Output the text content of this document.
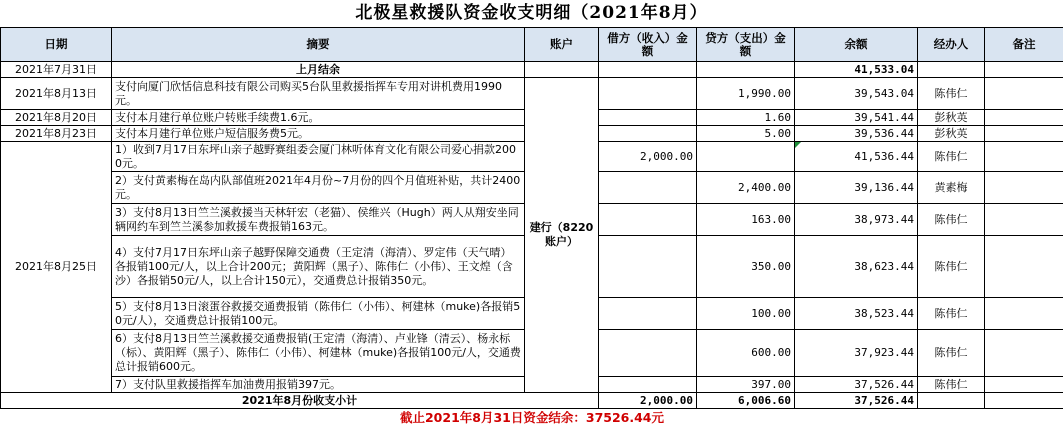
北极星救援队资金收支明细（2021年8月）
日期	摘要	账户	借方（收入）金额	贷方（支出）金额	余额	经办人	备注
2021年7月31日	上月结余				41,533.04		
2021年8月13日	支付向厦门欣恬信息科技有限公司购买5台队里救援指挥车专用对讲机费用1990元。	建行（8220账户）		1,990.00	39,543.04	陈伟仁	
2021年8月20日	支付本月建行单位账户转账手续费1.6元。			1.60	39,541.44	彭秋英	
2021年8月23日	支付本月建行单位账户短信服务费5元。			5.00	39,536.44	彭秋英	
2021年8月25日	1）收到7月17日东坪山亲子越野赛组委会厦门林听体育文化有限公司爱心捐款2000元。		2,000.00		41,536.44	陈伟仁	
	2）支付黄素梅在岛内队部值班2021年4月份~7月份的四个月值班补贴，共计2400元。			2,400.00	39,136.44	黄素梅	
	3）支付8月13日竺兰溪救援当天林轩宏（老猫）、侯维兴（Hugh）两人从翔安坐同辆网约车到竺兰溪参加救援车费报销163元。			163.00	38,973.44	陈伟仁	
	4）支付7月17日东坪山亲子越野保障交通费（王定清（海清）、罗定伟（天气晴）各报销100元/人，以上合计200元；黄阳辉（黑子）、陈伟仁（小伟）、王文煌（含沙）各报销50元/人，以上合计150元），交通费总计报销350元。			350.00	38,623.44	陈伟仁	
	5）支付8月13日滚蛋谷救援交通费报销（陈伟仁（小伟）、柯建林（muke)各报销50元/人），交通费总计报销100元。			100.00	38,523.44	陈伟仁	
	6）支付8月13日竺兰溪救援交通费报销(王定清（海清）、卢业锋（清云）、杨永标（标）、黄阳辉（黑子）、陈伟仁（小伟）、柯建林（muke)各报销100元/人，交通费总计报销600元。			600.00	37,923.44	陈伟仁	
	7）支付队里救援指挥车加油费用报销397元。			397.00	37,526.44	陈伟仁	
2021年8月份收支小计			2,000.00	6,006.60	37,526.44		
截止2021年8月31日资金结余：37526.44元							
